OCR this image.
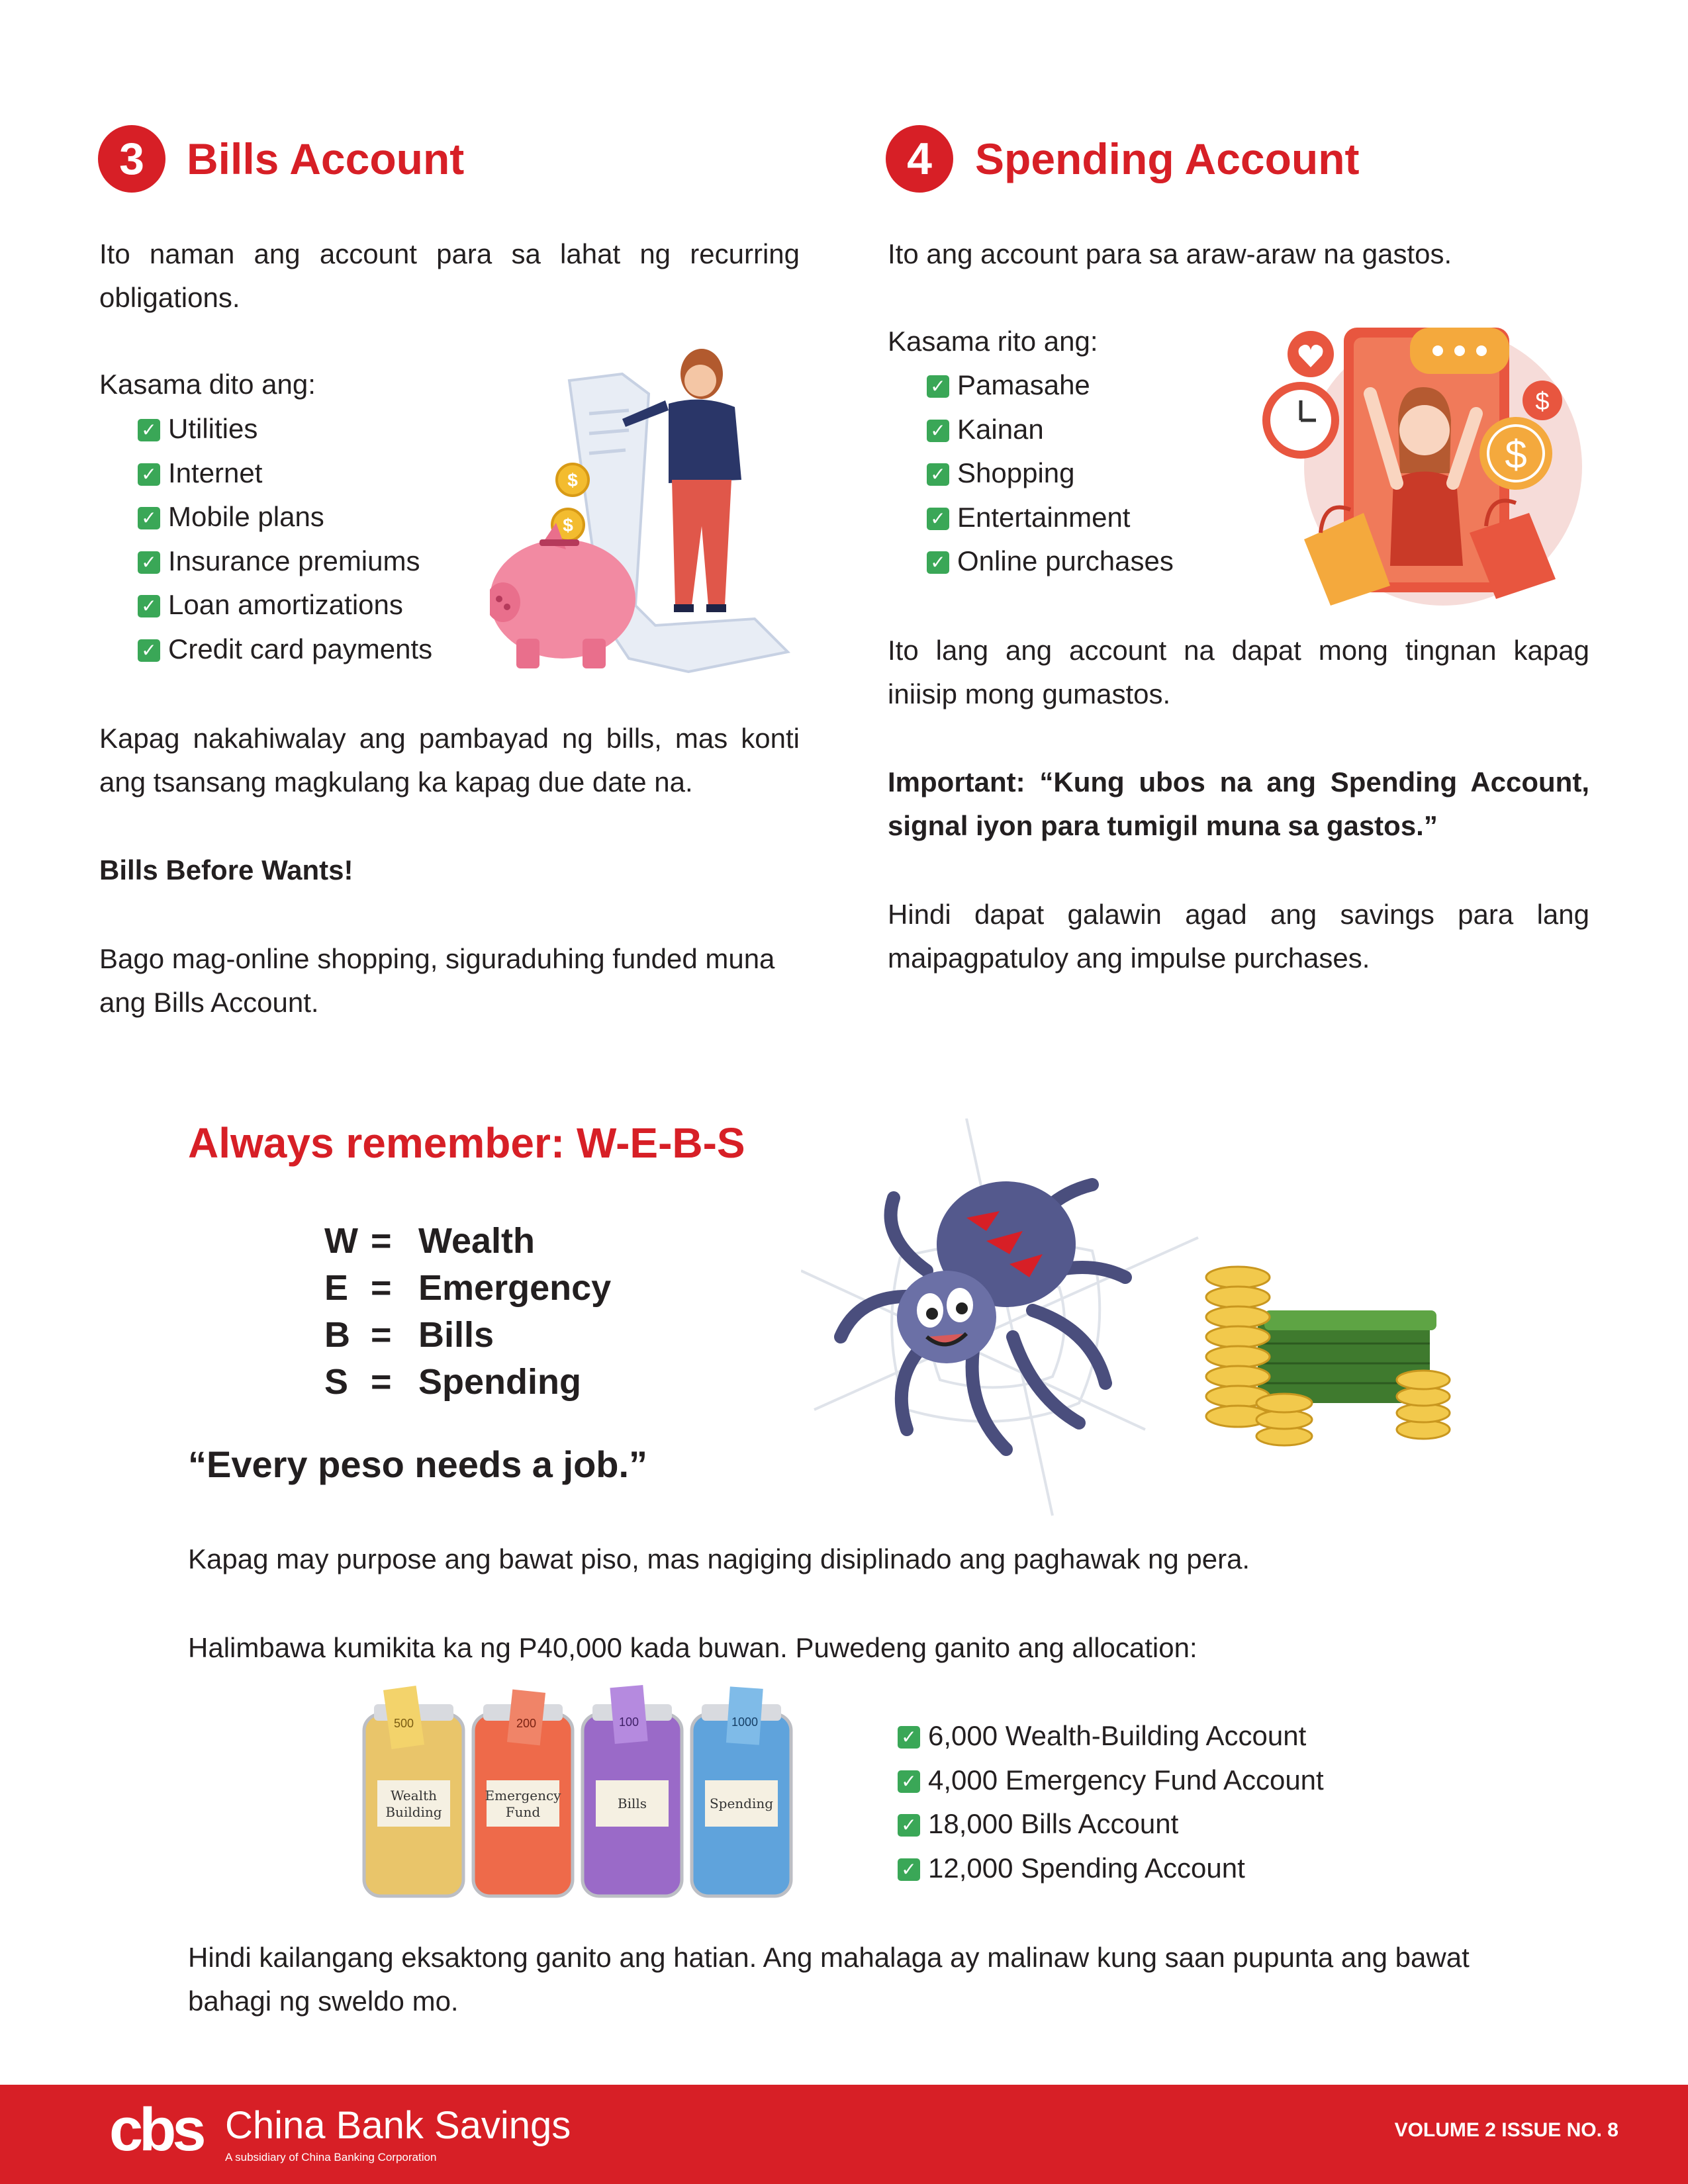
3 Bills Account

Ito naman ang account para sa lahat ng recurring obligations.

Kasama dito ang:

✓ Utilities
✓ Internet
✓ Mobile plans
✓ Insurance premiums
✓ Loan amortizations
✓ Credit card payments
$
$

Kapag nakahiwalay ang pambayad ng bills, mas konti ang tsansang magkulang ka kapag due date na.

Bills Before Wants!

Bago mag-online shopping, siguraduhing funded muna ang Bills Account.

4 Spending Account

Ito ang account para sa araw-araw na gastos.

Kasama rito ang:

✓ Pamasahe
✓ Kainan
✓ Shopping
✓ Entertainment
✓ Online purchases
$
$

Ito lang ang account na dapat mong tingnan kapag iniisip mong gumastos.

Important: “Kung ubos na ang Spending Account, signal iyon para tumigil muna sa gastos.”

Hindi dapat galawin agad ang savings para lang maipagpatuloy ang impulse purchases.

Always remember: W-E-B-S
W = Wealth
E = Emergency
B = Bills
S = Spending
“Every peso needs a job.”

Kapag may purpose ang bawat piso, mas nagiging disiplinado ang paghawak ng pera.

Halimbawa kumikita ka ng P40,000 kada buwan. Puwedeng ganito ang allocation:

500
Wealth
Building
200
Emergency
Fund
100
Bills
1000
Spending
✓ 6,000 Wealth-Building Account
✓ 4,000 Emergency Fund Account
✓ 18,000 Bills Account
✓ 12,000 Spending Account

Hindi kailangang eksaktong ganito ang hatian. Ang mahalaga ay malinaw kung saan pupunta ang bawat bahagi ng sweldo mo.

cbs China Bank Savings
A subsidiary of China Banking Corporation
VOLUME 2 ISSUE NO. 8
